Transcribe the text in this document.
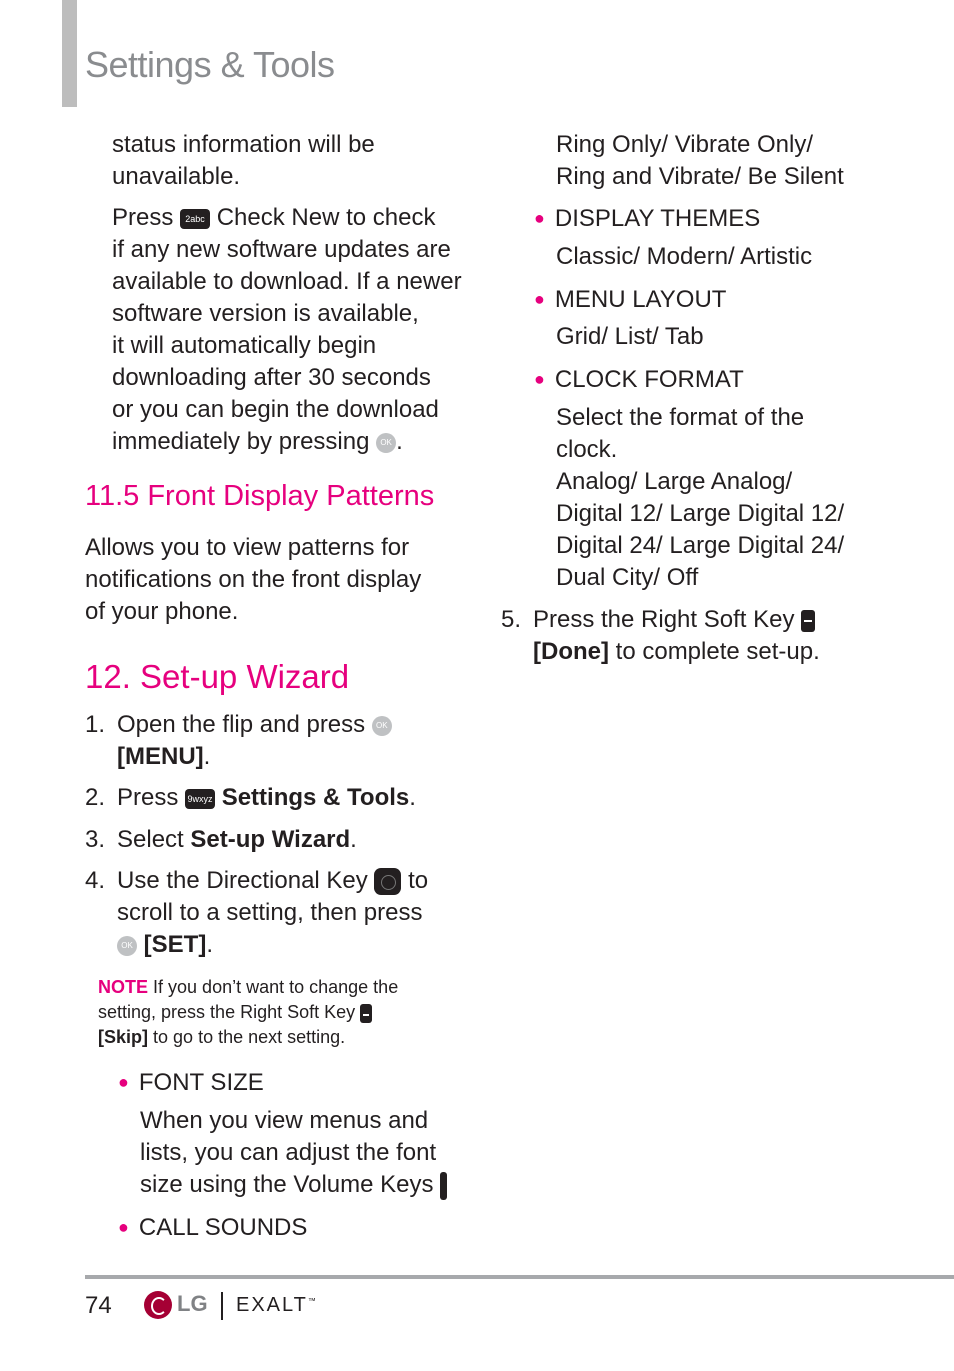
Settings & Tools

status information will be

unavailable.

Press 2abc Check New to check

if any new software updates are

available to download. If a newer

software version is available,

it will automatically begin

downloading after 30 seconds

or you can begin the download

immediately by pressing OK .

11.5 Front Display Patterns

Allows you to view patterns for

notifications on the front display

of your phone.

12. Set-up Wizard
1. Open the flip and press OK
[MENU].
2. Press 9wxyz Settings & Tools.
3. Select Set-up Wizard.
4. Use the Directional Key to
scroll to a setting, then press
OK [SET].
NOTE If you don’t want to change the
setting, press the Right Soft Key
[Skip] to go to the next setting.
● FONT SIZE

When you view menus and

lists, you can adjust the font

size using the Volume Keys

● CALL SOUNDS

Ring Only/ Vibrate Only/

Ring and Vibrate/ Be Silent

● DISPLAY THEMES

Classic/ Modern/ Artistic

● MENU LAYOUT

Grid/ List/ Tab

● CLOCK FORMAT

Select the format of the

clock.

Analog/ Large Analog/

Digital 12/ Large Digital 12/

Digital 24/ Large Digital 24/

Dual City/ Off

5. Press the Right Soft Key
[Done] to complete set-up.
74	LG EXALT™
